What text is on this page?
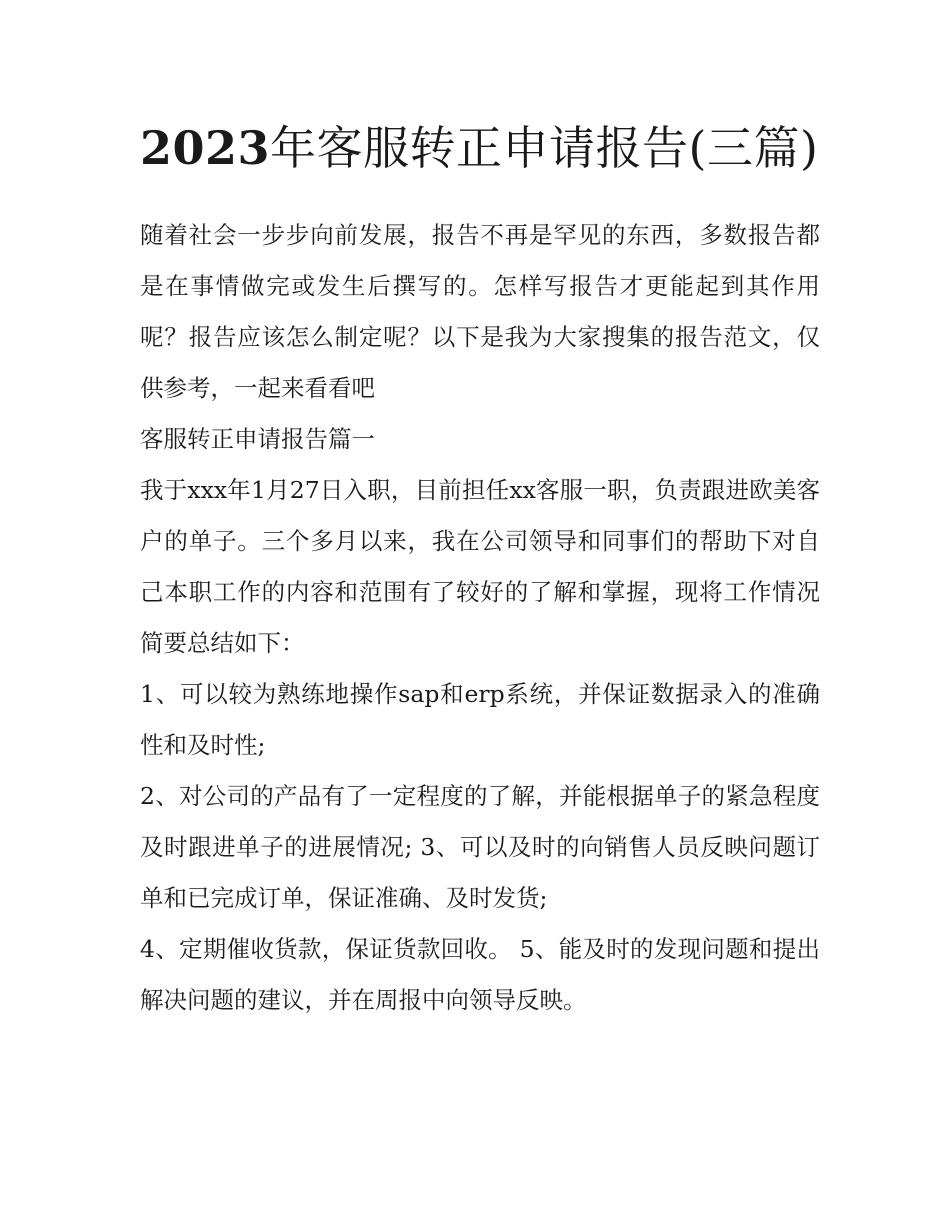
2023年客服转正申请报告(三篇)

随着社会一步步向前发展，报告不再是罕见的东西，多数报告都是在事情做完或发生后撰写的。怎样写报告才更能起到其作用呢？报告应该怎么制定呢？以下是我为大家搜集的报告范文，仅供参考，一起来看看吧

客服转正申请报告篇一

我于xxx年1月27日入职，目前担任xx客服一职，负责跟进欧美客户的单子。三个多月以来，我在公司领导和同事们的帮助下对自己本职工作的内容和范围有了较好的了解和掌握，现将工作情况简要总结如下：

1、可以较为熟练地操作sap和erp系统，并保证数据录入的准确性和及时性;

2、对公司的产品有了一定程度的了解，并能根据单子的紧急程度及时跟进单子的进展情况; 3、可以及时的向销售人员反映问题订单和已完成订单，保证准确、及时发货;

4、定期催收货款，保证货款回收。 5、能及时的发现问题和提出解决问题的建议，并在周报中向领导反映。
